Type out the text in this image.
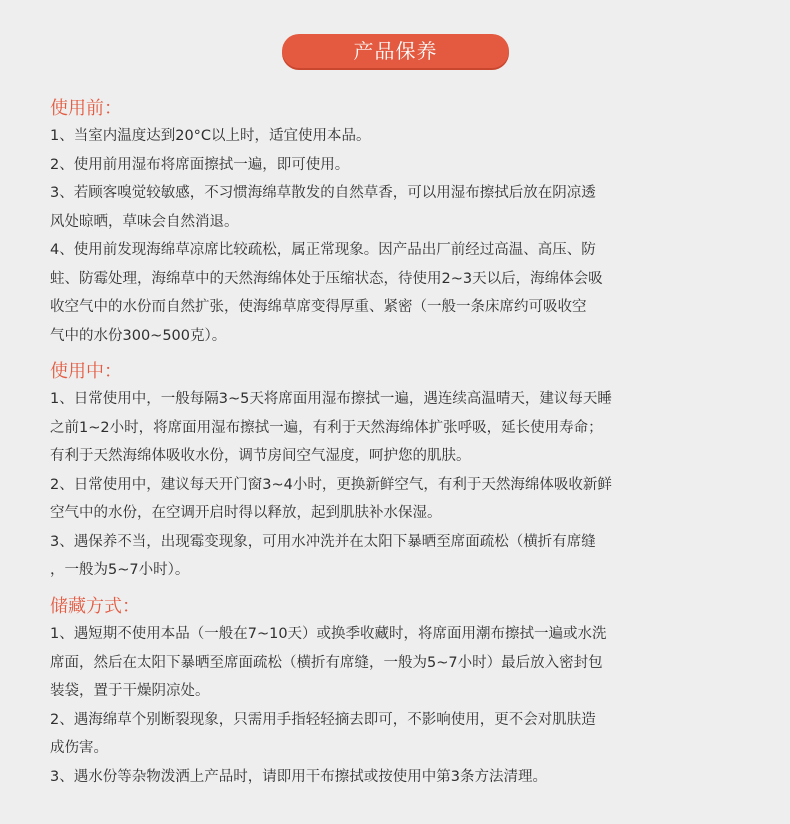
产品保养
使用前：

1、当室内温度达到20°C以上时，适宜使用本品。

2、使用前用湿布将席面擦拭一遍，即可使用。

3、若顾客嗅觉较敏感，不习惯海绵草散发的自然草香，可以用湿布擦拭后放在阴凉透

风处晾晒，草味会自然消退。

4、使用前发现海绵草凉席比较疏松，属正常现象。因产品出厂前经过高温、高压、防

蛀、防霉处理，海绵草中的天然海绵体处于压缩状态，待使用2~3天以后，海绵体会吸

收空气中的水份而自然扩张，使海绵草席变得厚重、紧密（一般一条床席约可吸收空

气中的水份300~500克）。

使用中：

1、日常使用中，一般每隔3~5天将席面用湿布擦拭一遍，遇连续高温晴天，建议每天睡

之前1~2小时，将席面用湿布擦拭一遍，有利于天然海绵体扩张呼吸，延长使用寿命；

有利于天然海绵体吸收水份，调节房间空气湿度，呵护您的肌肤。

2、日常使用中，建议每天开门窗3~4小时，更换新鲜空气，有利于天然海绵体吸收新鲜

空气中的水份，在空调开启时得以释放，起到肌肤补水保湿。

3、遇保养不当，出现霉变现象，可用水冲洗并在太阳下暴晒至席面疏松（横折有席缝

，一般为5~7小时）。

储藏方式：

1、遇短期不使用本品（一般在7~10天）或换季收藏时，将席面用潮布擦拭一遍或水洗

席面，然后在太阳下暴晒至席面疏松（横折有席缝，一般为5~7小时）最后放入密封包

装袋，置于干燥阴凉处。

2、遇海绵草个别断裂现象，只需用手指轻轻摘去即可，不影响使用，更不会对肌肤造

成伤害。

3、遇水份等杂物泼洒上产品时，请即用干布擦拭或按使用中第3条方法清理。
